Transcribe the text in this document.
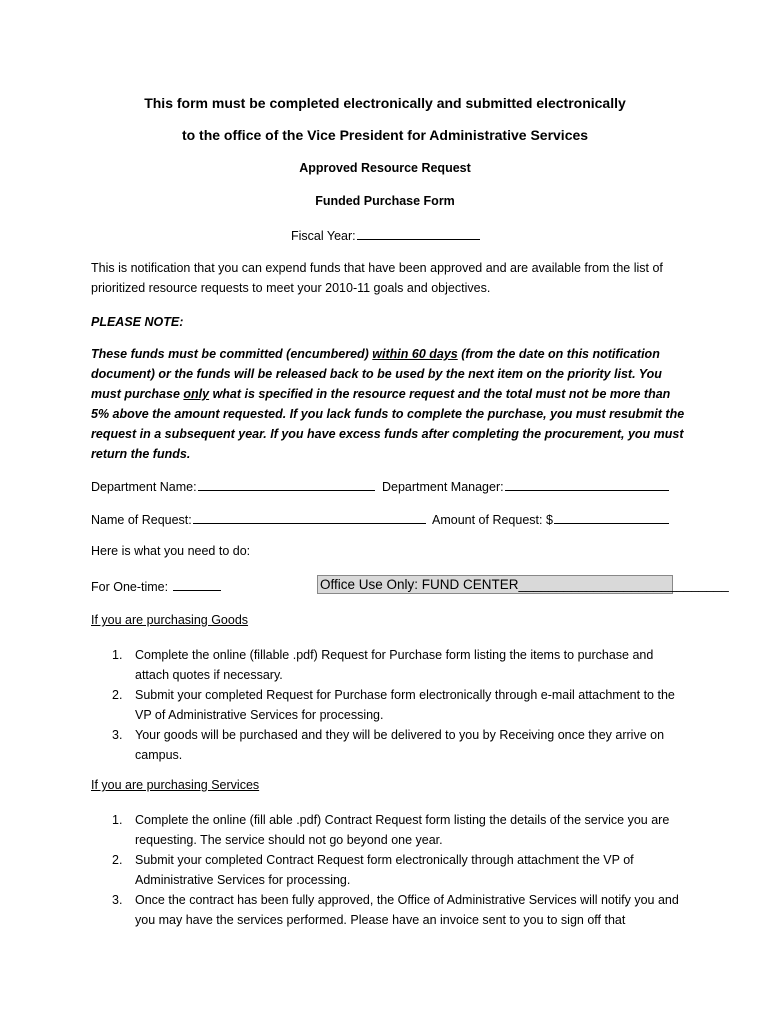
This form must be completed electronically and submitted electronically
to the office of the Vice President for Administrative Services
Approved Resource Request
Funded Purchase Form
Fiscal Year:
This is notification that you can expend funds that have been approved and are available from the list of prioritized resource requests to meet your 2010-11 goals and objectives.
PLEASE NOTE:
These funds must be committed (encumbered) within 60 days (from the date on this notification document) or the funds will be released back to be used by the next item on the priority list. You must purchase only what is specified in the resource request and the total must not be more than 5% above the amount requested. If you lack funds to complete the purchase, you must resubmit the request in a subsequent year. If you have excess funds after completing the procurement, you must return the funds.
Department Name:	Department Manager:
Name of Request:	Amount of Request: $
Here is what you need to do:
For One-time:	Office Use Only: FUND CENTER____________________________
If you are purchasing Goods
1. Complete the online (fillable .pdf) Request for Purchase form listing the items to purchase and attach quotes if necessary.
2. Submit your completed Request for Purchase form electronically through e-mail attachment to the VP of Administrative Services for processing.
3. Your goods will be purchased and they will be delivered to you by Receiving once they arrive on campus.
If you are purchasing Services
1. Complete the online (fill able .pdf) Contract Request form listing the details of the service you are requesting. The service should not go beyond one year.
2. Submit your completed Contract Request form electronically through attachment the VP of Administrative Services for processing.
3. Once the contract has been fully approved, the Office of Administrative Services will notify you and you may have the services performed. Please have an invoice sent to you to sign off that
